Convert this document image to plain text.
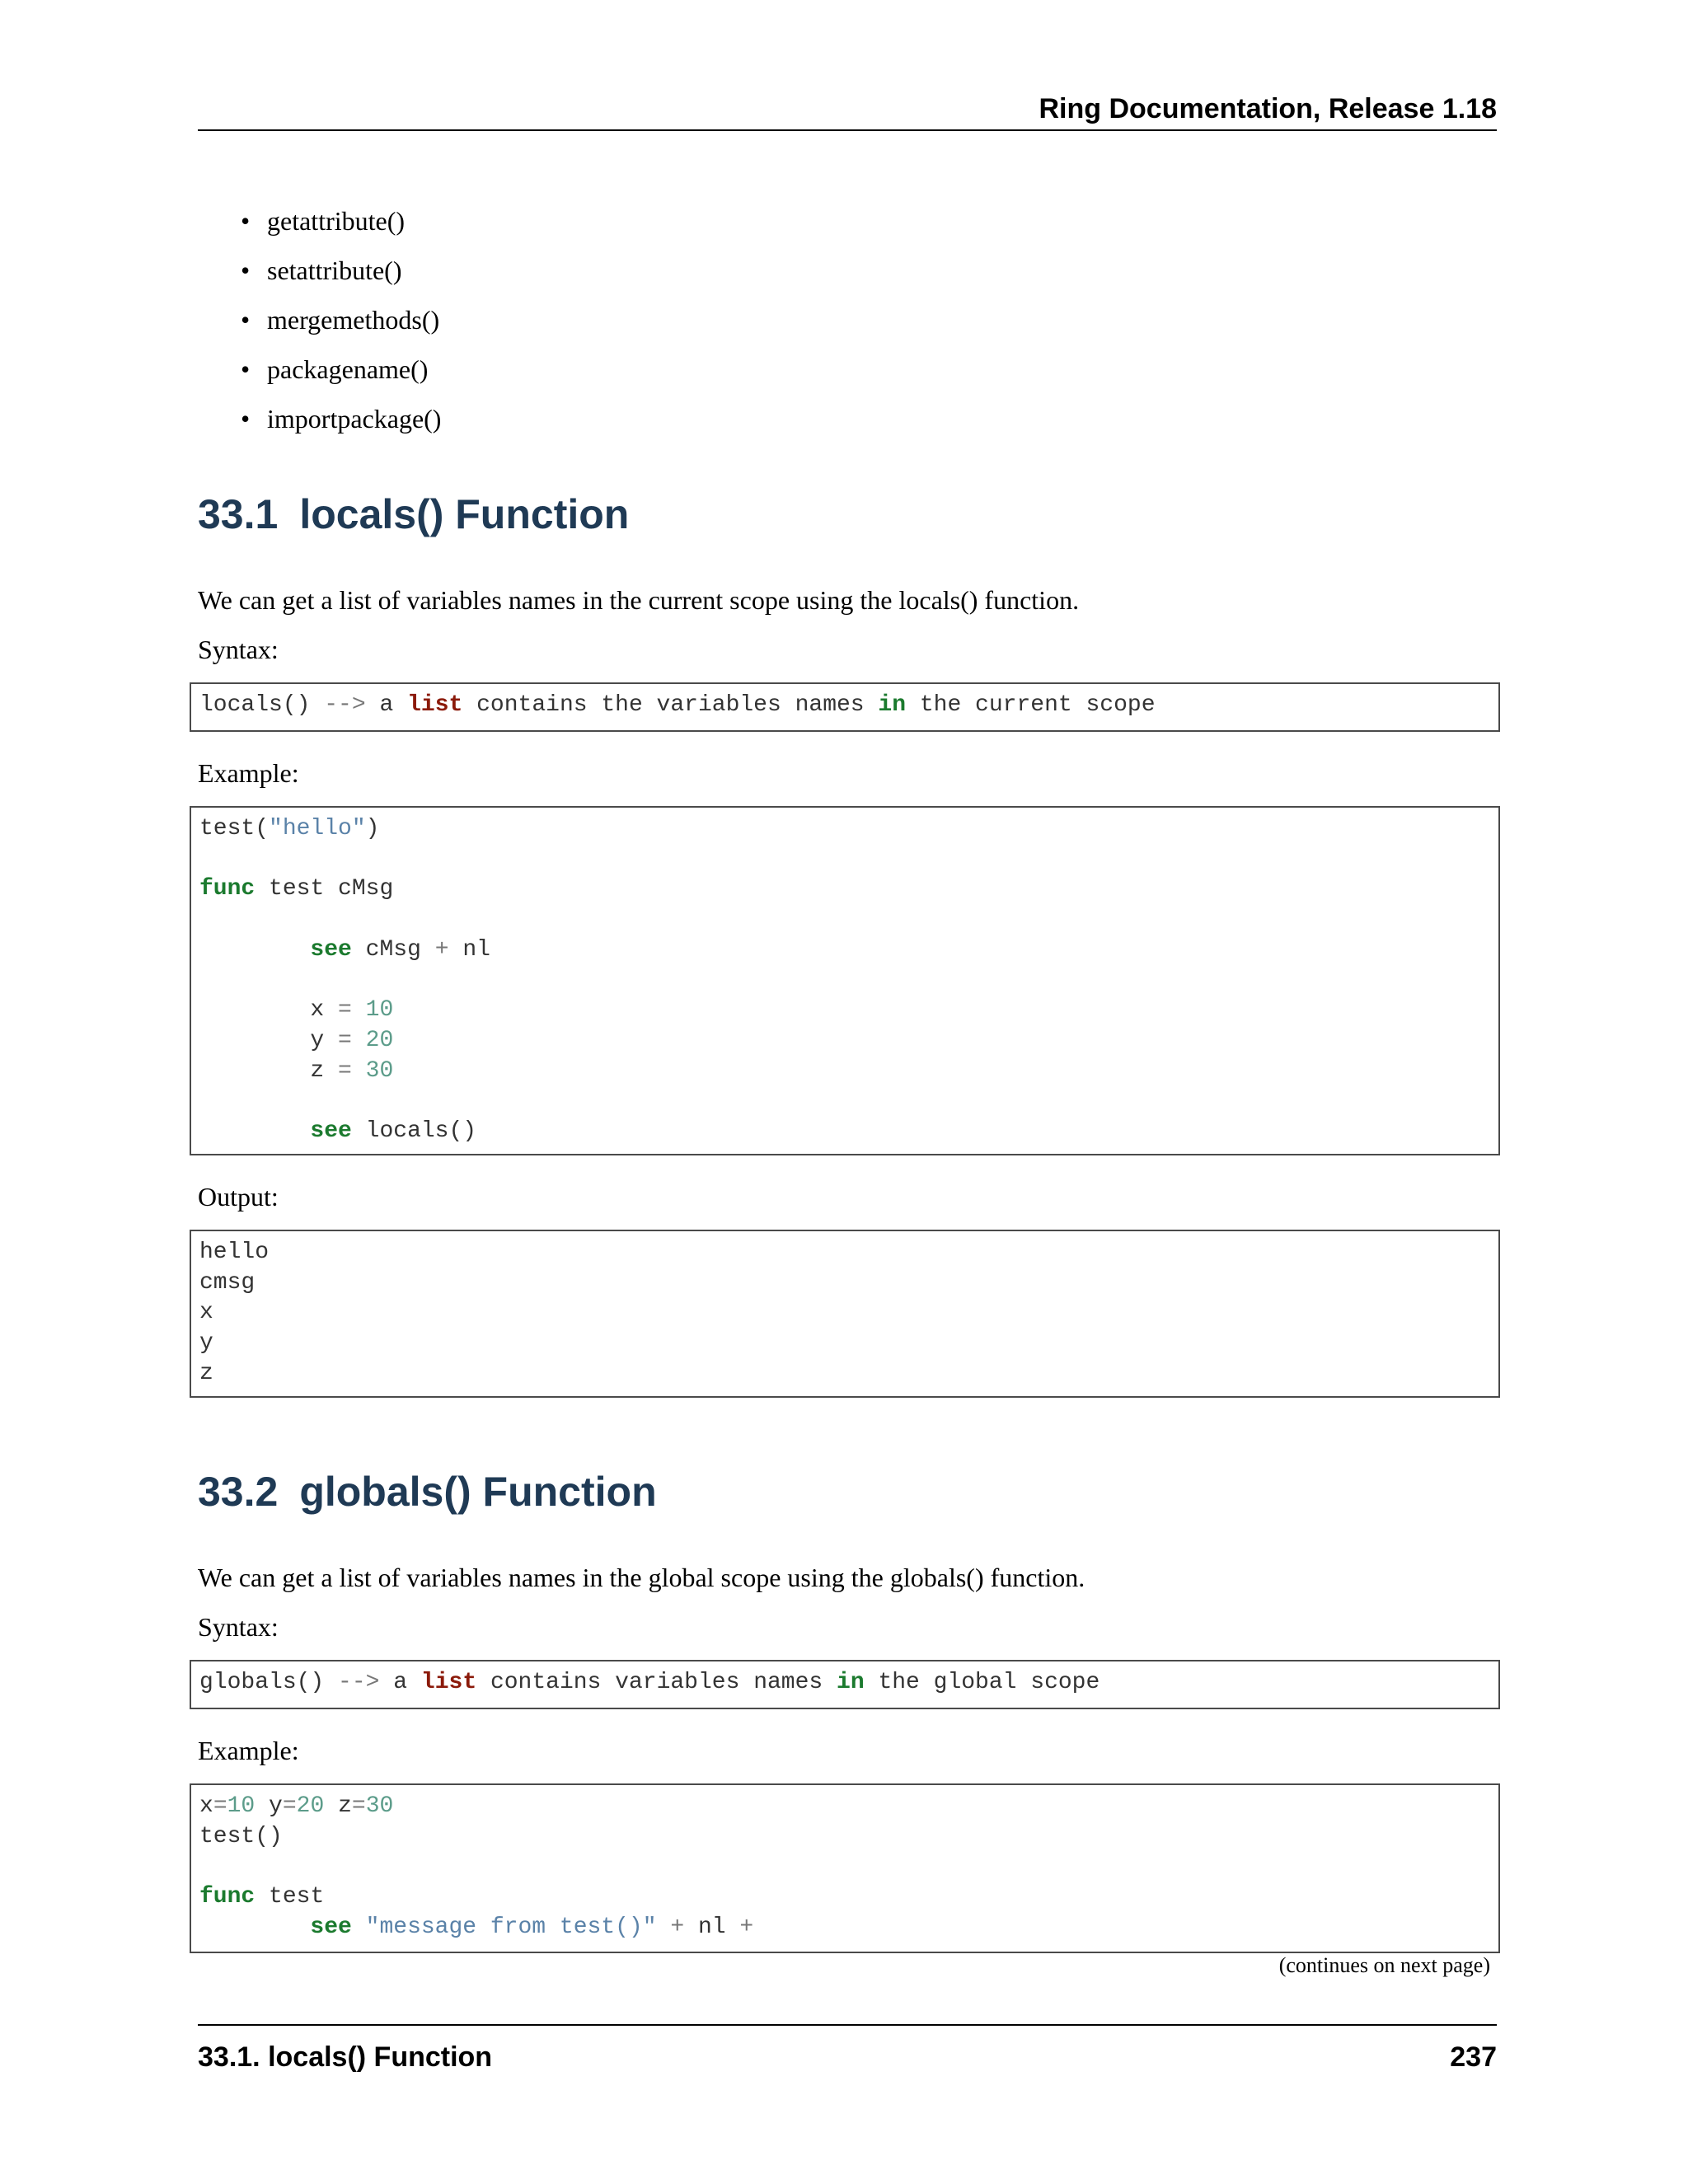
Ring Documentation, Release 1.18
• getattribute()
• setattribute()
• mergemethods()
• packagename()
• importpackage()
33.1 locals() Function

We can get a list of variables names in the current scope using the locals() function.

Syntax:

locals() --> a list contains the variables names in the current scope

Example:

test("hello")

func test cMsg

see cMsg + nl

x = 10
y = 20
z = 30

see locals()

Output:

hello
cmsg
x
y
z
33.2 globals() Function

We can get a list of variables names in the global scope using the globals() function.

Syntax:

globals() --> a list contains variables names in the global scope

Example:

x=10 y=20 z=30
test()

func test
see "message from test()" + nl +
(continues on next page)
33.1. locals() Function	237
